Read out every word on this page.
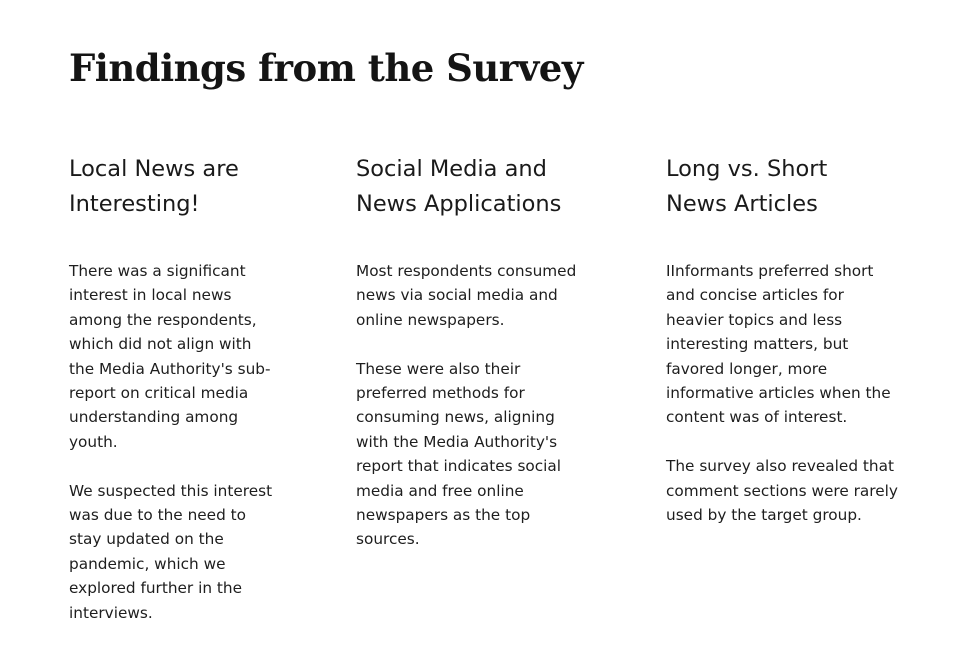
Findings from the Survey
Local News are
Interesting!

There was a significant
interest in local news
among the respondents,
which did not align with
the Media Authority's sub-
report on critical media
understanding among
youth.

We suspected this interest
was due to the need to
stay updated on the
pandemic, which we
explored further in the
interviews.

Social Media and
News Applications

Most respondents consumed
news via social media and
online newspapers.

These were also their
preferred methods for
consuming news, aligning
with the Media Authority's
report that indicates social
media and free online
newspapers as the top
sources.

Long vs. Short
News Articles

IInformants preferred short
and concise articles for
heavier topics and less
interesting matters, but
favored longer, more
informative articles when the
content was of interest.

The survey also revealed that
comment sections were rarely
used by the target group.
